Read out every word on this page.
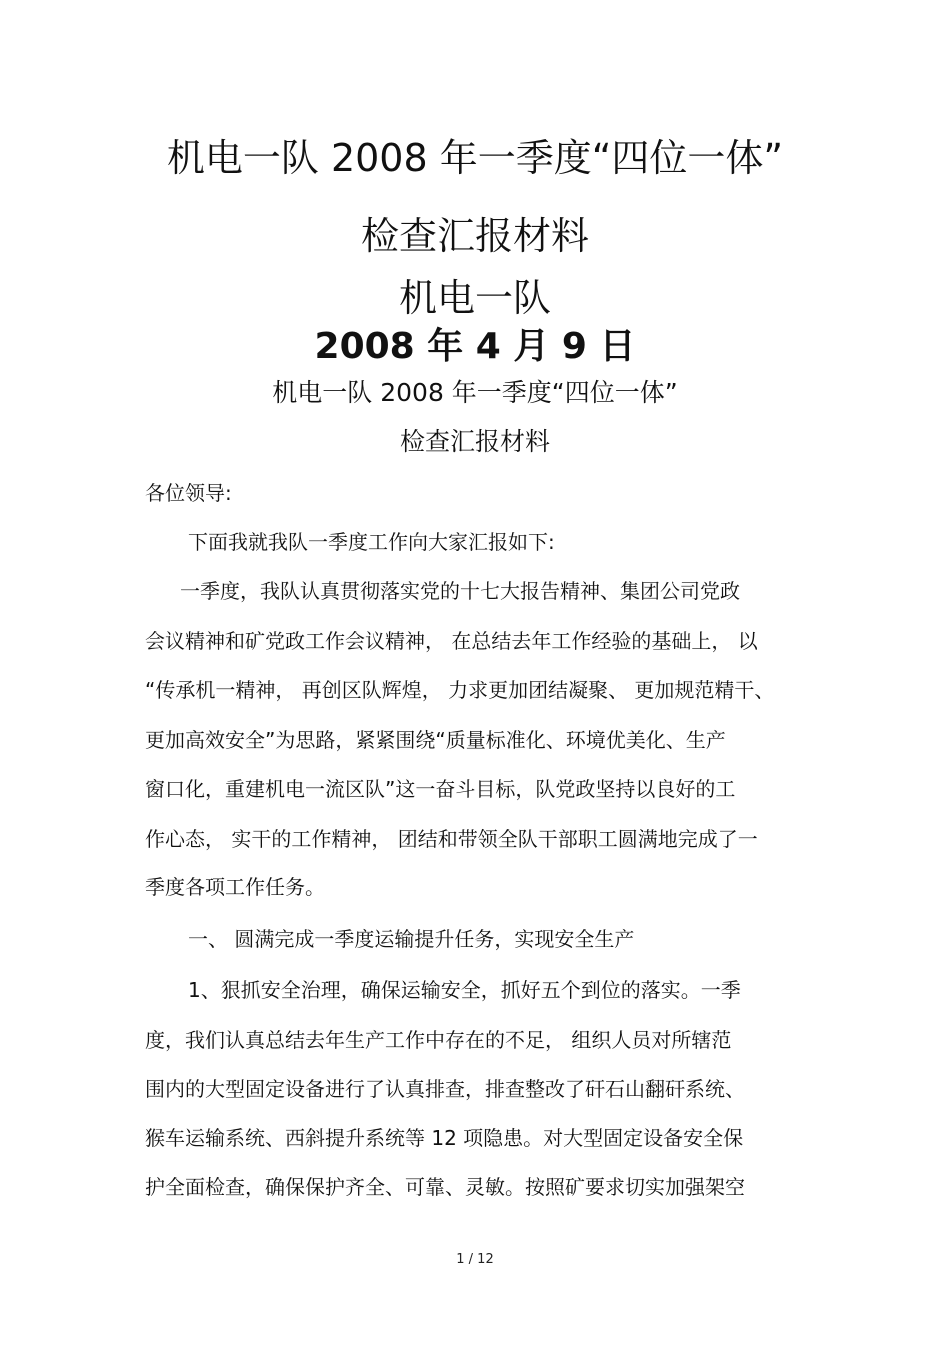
机电一队 2008 年一季度“四位一体”
检查汇报材料
机电一队
2008 年 4 月 9 日
机电一队 2008 年一季度“四位一体”
检查汇报材料
各位领导:
下面我就我队一季度工作向大家汇报如下:
一季度，我队认真贯彻落实党的十七大报告精神、集团公司党政
会议精神和矿党政工作会议精神， 在总结去年工作经验的基础上， 以
“传承机一精神， 再创区队辉煌， 力求更加团结凝聚、 更加规范精干、
更加高效安全”为思路，紧紧围绕“质量标准化、环境优美化、生产
窗口化，重建机电一流区队”这一奋斗目标，队党政坚持以良好的工
作心态， 实干的工作精神， 团结和带领全队干部职工圆满地完成了一
季度各项工作任务。
一、 圆满完成一季度运输提升任务，实现安全生产
1、狠抓安全治理，确保运输安全，抓好五个到位的落实。一季
度，我们认真总结去年生产工作中存在的不足， 组织人员对所辖范
围内的大型固定设备进行了认真排查，排查整改了矸石山翻矸系统、
猴车运输系统、西斜提升系统等 12 项隐患。对大型固定设备安全保
护全面检查，确保保护齐全、可靠、灵敏。按照矿要求切实加强架空
1 / 12
